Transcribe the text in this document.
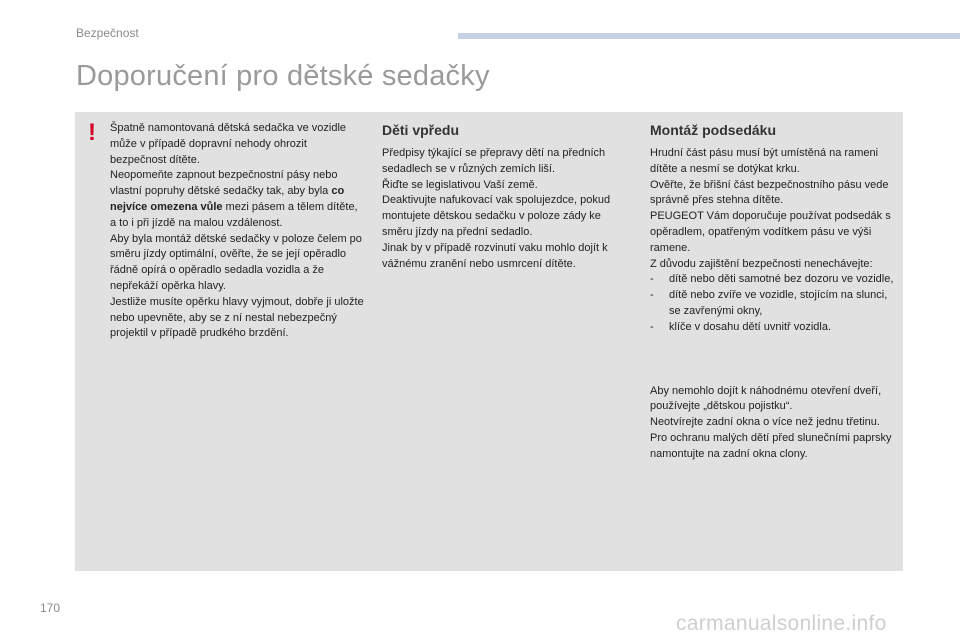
Bezpečnost
Doporučení pro dětské sedačky
! Špatně namontovaná dětská sedačka ve vozidle může v případě dopravní nehody ohrozit bezpečnost dítěte.

Neopomeňte zapnout bezpečnostní pásy nebo vlastní popruhy dětské sedačky tak, aby byla co nejvíce omezena vůle mezi pásem a tělem dítěte, a to i při jízdě na malou vzdálenost.

Aby byla montáž dětské sedačky v poloze čelem po směru jízdy optimální, ověřte, že se její opěradlo řádně opírá o opěradlo sedadla vozidla a že nepřekáží opěrka hlavy.

Jestliže musíte opěrku hlavy vyjmout, dobře ji uložte nebo upevněte, aby se z ní nestal nebezpečný projektil v případě prudkého brzdění.

Děti vpředu

Předpisy týkající se přepravy dětí na předních sedadlech se v různých zemích liší.

Řiďte se legislativou Vaší země.

Deaktivujte nafukovací vak spolujezdce, pokud montujete dětskou sedačku v poloze zády ke směru jízdy na přední sedadlo.

Jinak by v případě rozvinutí vaku mohlo dojít k vážnému zranění nebo usmrcení dítěte.

Montáž podsedáku

Hrudní část pásu musí být umístěná na rameni dítěte a nesmí se dotýkat krku.

Ověřte, že břišní část bezpečnostního pásu vede správně přes stehna dítěte.

PEUGEOT Vám doporučuje používat podsedák s opěradlem, opatřeným vodítkem pásu ve výši ramene.

Z důvodu zajištění bezpečnosti nenechávejte:

- dítě nebo děti samotné bez dozoru ve vozidle,
- dítě nebo zvíře ve vozidle, stojícím na slunci, se zavřenými okny,
- klíče v dosahu dětí uvnitř vozidla.

Aby nemohlo dojít k náhodnému otevření dveří, používejte „dětskou pojistku“.

Neotvírejte zadní okna o více než jednu třetinu.

Pro ochranu malých dětí před slunečními paprsky namontujte na zadní okna clony.

170
carmanualsonline.info
